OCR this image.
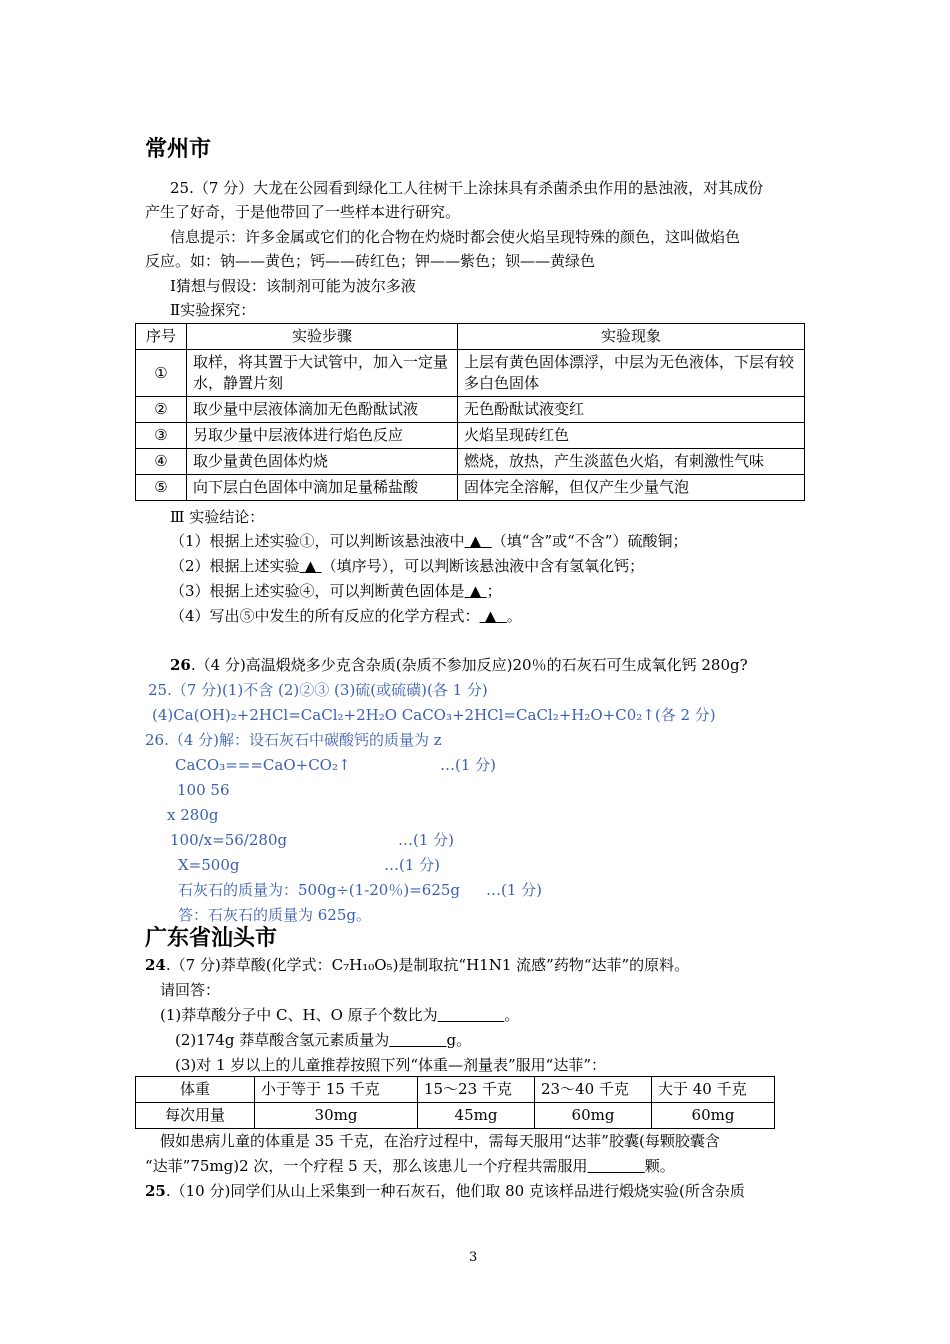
常州市
25.（7 分）大龙在公园看到绿化工人往树干上涂抹具有杀菌杀虫作用的悬浊液，对其成份
产生了好奇，于是他带回了一些样本进行研究。
信息提示：许多金属或它们的化合物在灼烧时都会使火焰呈现特殊的颜色，这叫做焰色
反应。如：钠——黄色；钙——砖红色；钾——紫色；钡——黄绿色
Ⅰ猜想与假设：该制剂可能为波尔多液
Ⅱ实验探究：
序号	实验步骤	实验现象
①	取样，将其置于大试管中，加入一定量水，静置片刻	上层有黄色固体漂浮，中层为无色液体，下层有较多白色固体
②	取少量中层液体滴加无色酚酞试液	无色酚酞试液变红
③	另取少量中层液体进行焰色反应	火焰呈现砖红色
④	取少量黄色固体灼烧	燃烧，放热，产生淡蓝色火焰，有刺激性气味
⑤	向下层白色固体中滴加足量稀盐酸	固体完全溶解，但仅产生少量气泡
Ⅲ 实验结论：
（1）根据上述实验①，可以判断该悬浊液中 ▲ （填“含”或“不含”）硫酸铜；
（2）根据上述实验 ▲ （填序号），可以判断该悬浊液中含有氢氧化钙；
（3）根据上述实验④，可以判断黄色固体是 ▲ ；
（4）写出⑤中发生的所有反应的化学方程式： ▲ 。
26.（4 分)高温煅烧多少克含杂质(杂质不参加反应)20％的石灰石可生成氧化钙 280g?
25.（7 分)(1)不含 (2)②③ (3)硫(或硫磺)(各 1 分)
(4)Ca(OH)₂+2HCl=CaCl₂+2H₂O CaCO₃+2HCl=CaCl₂+H₂O+C0₂↑(各 2 分)
26.（4 分)解：设石灰石中碳酸钙的质量为 z
CaCO₃===CaO+CO₂↑	…(1 分)
100 56
x 280g
100/x=56/280g	…(1 分)
X=500g	…(1 分)
石灰石的质量为：500g÷(1-20％)=625g …(1 分)
答：石灰石的质量为 625g。
广东省汕头市
24.（7 分)莽草酸(化学式：C₇H₁₀O₅)是制取抗“H1N1 流感”药物“达菲”的原料。
请回答：
(1)莽草酸分子中 C、H、O 原子个数比为	。
(2)174g 莽草酸含氢元素质量为	g。
(3)对 1 岁以上的儿童推荐按照下列“体重—剂量表”服用“达菲”：
体重	小于等于 15 千克	15～23 千克	23～40 千克	大于 40 千克
每次用量	30mg	45mg	60mg	60mg
假如患病儿童的体重是 35 千克，在治疗过程中，需每天服用“达菲”胶囊(每颗胶囊含
“达菲”75mg)2 次，一个疗程 5 天，那么该患儿一个疗程共需服用	颗。
25.（10 分)同学们从山上采集到一种石灰石，他们取 80 克该样品进行煅烧实验(所含杂质
3
